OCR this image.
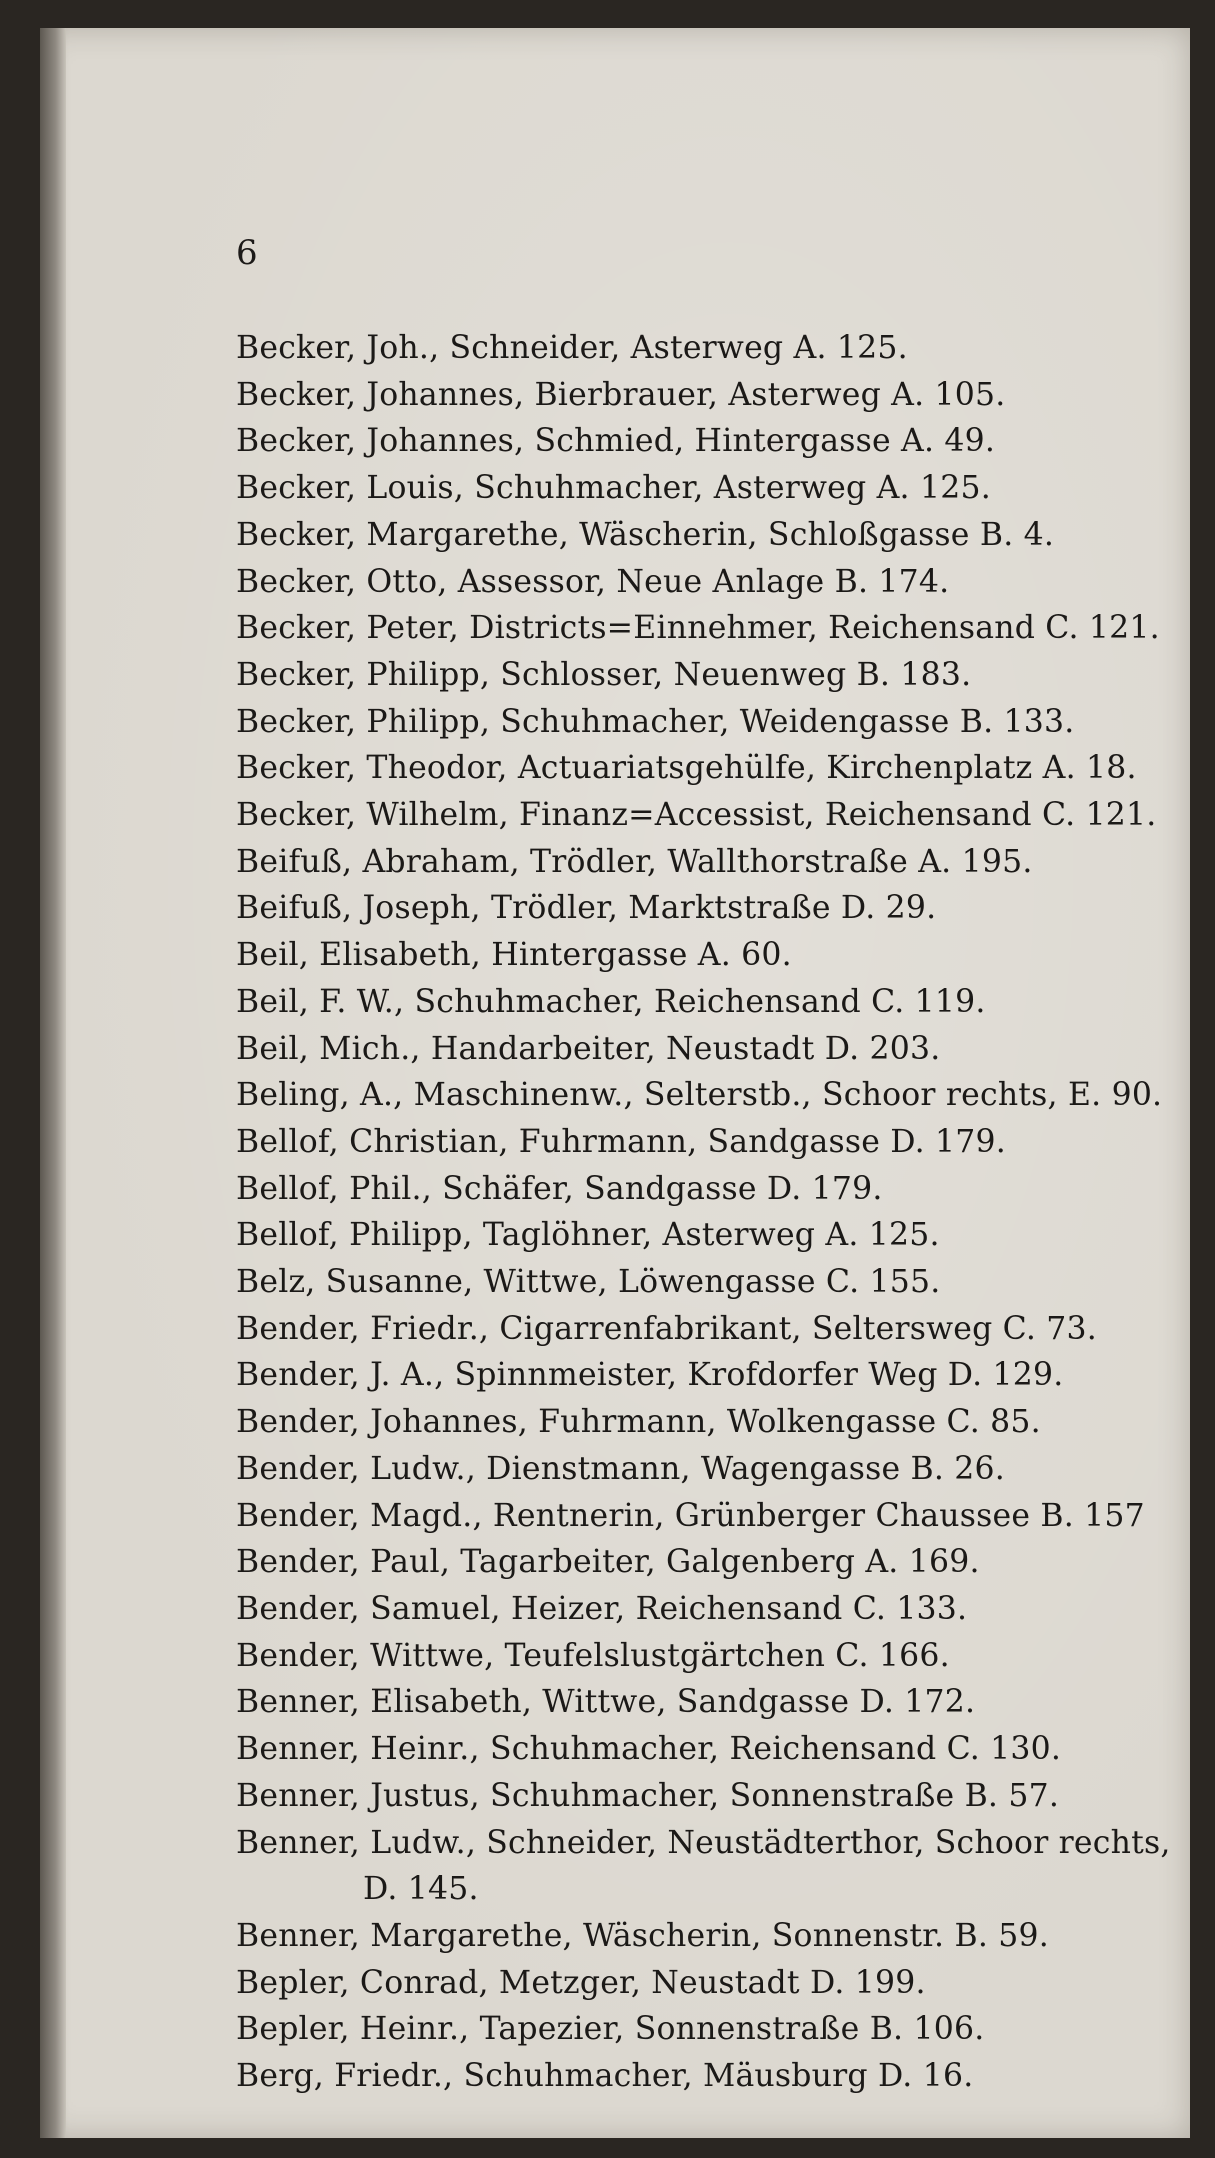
6
Becker, Joh., Schneider, Asterweg A. 125.
Becker, Johannes, Bierbrauer, Asterweg A. 105.
Becker, Johannes, Schmied, Hintergasse A. 49.
Becker, Louis, Schuhmacher, Asterweg A. 125.
Becker, Margarethe, Wäscherin, Schloßgasse B. 4.
Becker, Otto, Assessor, Neue Anlage B. 174.
Becker, Peter, Districts=Einnehmer, Reichensand C. 121.
Becker, Philipp, Schlosser, Neuenweg B. 183.
Becker, Philipp, Schuhmacher, Weidengasse B. 133.
Becker, Theodor, Actuariatsgehülfe, Kirchenplatz A. 18.
Becker, Wilhelm, Finanz=Accessist, Reichensand C. 121.
Beifuß, Abraham, Trödler, Wallthorstraße A. 195.
Beifuß, Joseph, Trödler, Marktstraße D. 29.
Beil, Elisabeth, Hintergasse A. 60.
Beil, F. W., Schuhmacher, Reichensand C. 119.
Beil, Mich., Handarbeiter, Neustadt D. 203.
Beling, A., Maschinenw., Selterstb., Schoor rechts, E. 90.
Bellof, Christian, Fuhrmann, Sandgasse D. 179.
Bellof, Phil., Schäfer, Sandgasse D. 179.
Bellof, Philipp, Taglöhner, Asterweg A. 125.
Belz, Susanne, Wittwe, Löwengasse C. 155.
Bender, Friedr., Cigarrenfabrikant, Seltersweg C. 73.
Bender, J. A., Spinnmeister, Krofdorfer Weg D. 129.
Bender, Johannes, Fuhrmann, Wolkengasse C. 85.
Bender, Ludw., Dienstmann, Wagengasse B. 26.
Bender, Magd., Rentnerin, Grünberger Chaussee B. 157
Bender, Paul, Tagarbeiter, Galgenberg A. 169.
Bender, Samuel, Heizer, Reichensand C. 133.
Bender, Wittwe, Teufelslustgärtchen C. 166.
Benner, Elisabeth, Wittwe, Sandgasse D. 172.
Benner, Heinr., Schuhmacher, Reichensand C. 130.
Benner, Justus, Schuhmacher, Sonnenstraße B. 57.
Benner, Ludw., Schneider, Neustädterthor, Schoor rechts,
D. 145.
Benner, Margarethe, Wäscherin, Sonnenstr. B. 59.
Bepler, Conrad, Metzger, Neustadt D. 199.
Bepler, Heinr., Tapezier, Sonnenstraße B. 106.
Berg, Friedr., Schuhmacher, Mäusburg D. 16.
